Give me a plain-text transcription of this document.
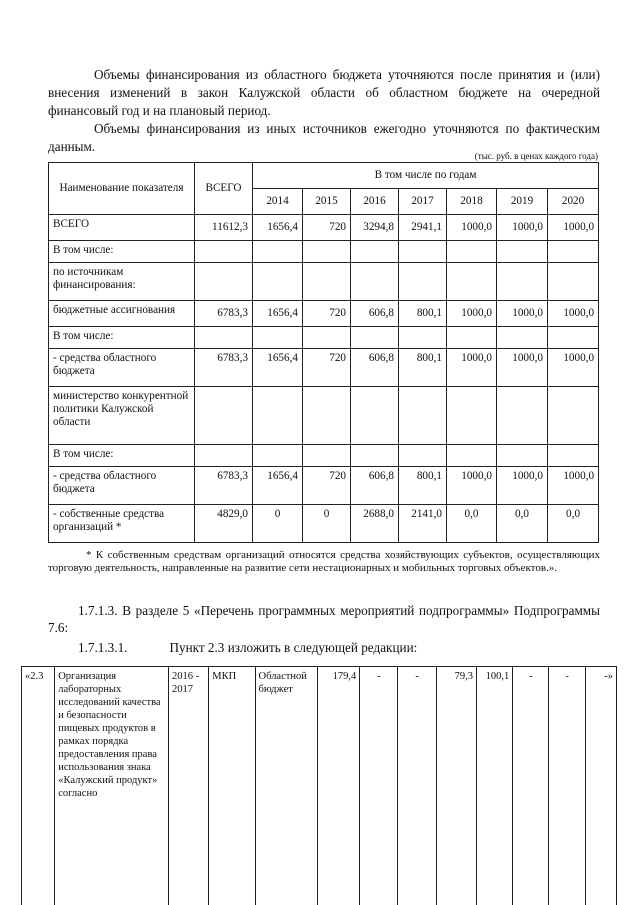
Объемы финансирования из областного бюджета уточняются после принятия и (или) внесения изменений в закон Калужской области об областном бюджете на очередной финансовый год и на плановый период.
Объемы финансирования из иных источников ежегодно уточняются по фактическим данным.
(тыс. руб. в ценах каждого года)
Наименование показателя	ВСЕГО	В том числе по годам						
		2014	2015	2016	2017	2018	2019	2020
ВСЕГО	11612,3	1656,4	720	3294,8	2941,1	1000,0	1000,0	1000,0
В том числе:								
по источникам финансирования:								
бюджетные ассигнования	6783,3	1656,4	720	606,8	800,1	1000,0	1000,0	1000,0
В том числе:								
- средства областного бюджета	6783,3	1656,4	720	606,8	800,1	1000,0	1000,0	1000,0
министерство конкурентной политики Калужской области								
В том числе:								
- средства областного бюджета	6783,3	1656,4	720	606,8	800,1	1000,0	1000,0	1000,0
- собственные средства организаций *	4829,0	0	0	2688,0	2141,0	0,0	0,0	0,0
* К собственным средствам организаций относятся средства хозяйствующих субъектов, осуществляющих торговую деятельность, направленные на развитие сети нестационарных и мобильных торговых объектов.».
1.7.1.3. В разделе 5 «Перечень программных мероприятий подпрограммы» Подпрограммы 7.6:
1.7.1.3.1.	Пункт 2.3 изложить в следующей редакции:
«2.3	Организация лабораторных исследований качества и безопасности пищевых продуктов в рамках порядка предоставления права использования знака «Калужский продукт» согласно	2016 - 2017	МКП	Областной бюджет	179,4	-	-	79,3	100,1	-	-	-»
